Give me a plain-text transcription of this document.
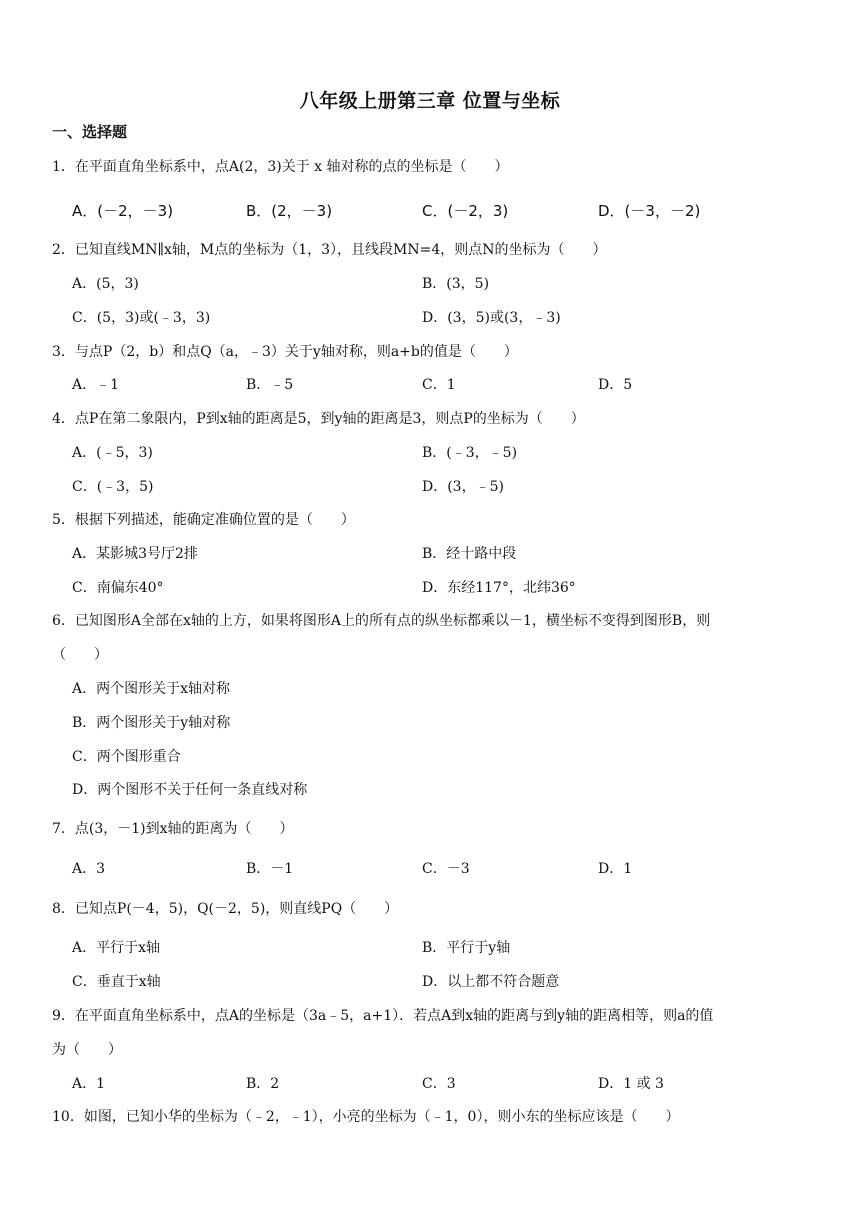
八年级上册第三章 位置与坐标
一、选择题
1．在平面直角坐标系中，点A(2，3)关于 x 轴对称的点的坐标是（　　）
A．(－2，－3)	B．(2，－3)	C．(－2，3)	D．(－3，－2)
2．已知直线MN∥x轴，M点的坐标为（1，3），且线段MN=4，则点N的坐标为（　　）
A．(5，3)	B．(3，5)
C．(5，3)或(﹣3，3)	D．(3，5)或(3，﹣3)
3．与点P（2，b）和点Q（a，﹣3）关于y轴对称，则a+b的值是（　　）
A．﹣1	B．﹣5	C．1	D．5
4．点P在第二象限内，P到x轴的距离是5，到y轴的距离是3，则点P的坐标为（　　）
A．(﹣5，3)	B．(﹣3，﹣5)
C．(﹣3，5)	D．(3，﹣5)
5．根据下列描述，能确定准确位置的是（　　）
A．某影城3号厅2排	B．经十路中段
C．南偏东40°	D．东经117°，北纬36°
6．已知图形A全部在x轴的上方，如果将图形A上的所有点的纵坐标都乘以－1，横坐标不变得到图形B，则
（　　）
A．两个图形关于x轴对称
B．两个图形关于y轴对称
C．两个图形重合
D．两个图形不关于任何一条直线对称
7．点(3，－1)到x轴的距离为（　　）
A．3	B．－1	C．－3	D．1
8．已知点P(－4，5)，Q(－2，5)，则直线PQ（　　）
A．平行于x轴	B．平行于y轴
C．垂直于x轴	D．以上都不符合题意
9．在平面直角坐标系中，点A的坐标是（3a﹣5，a+1）．若点A到x轴的距离与到y轴的距离相等，则a的值
为（　　）
A．1	B．2	C．3	D．1 或 3
10．如图，已知小华的坐标为（﹣2，﹣1），小亮的坐标为（﹣1，0），则小东的坐标应该是（　　）
